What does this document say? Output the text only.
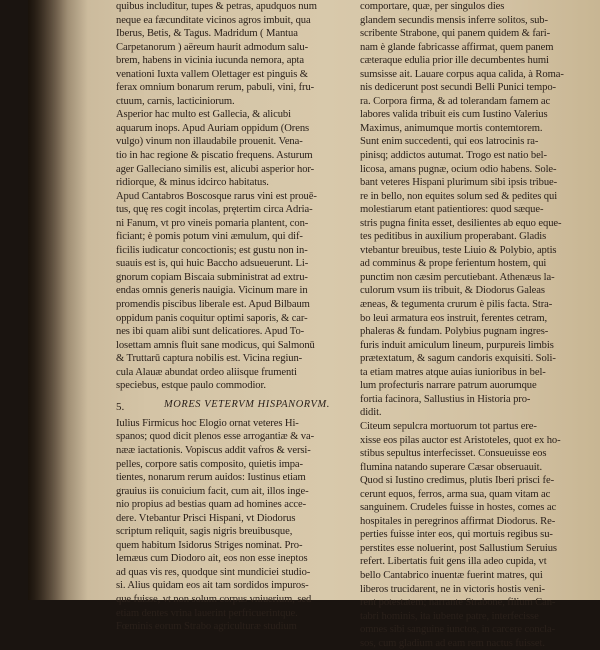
quibus includitur, tupes & petras, apudquos num
neque ea fæcunditate vicinos agros imbuit, qua
Iberus, Betis, & Tagus. Madridum ( Mantua
Carpetanorum ) aëreum haurit admodum salu-
brem, habens in vicinia iucunda nemora, apta
venationi Iuxta vallem Olettager est pinguis &
ferax omnium bonarum rerum, pabuli, vini, fru-
ctuum, carnis, lacticiniorum.
Asperior hac multo est Gallecia, & alicubi
aquarum inops. Apud Auriam oppidum (Orens
vulgo) vinum non illaudabile prouenit. Vena-
tio in hac regione & piscatio frequens. Asturum
ager Galleciano similis est, alicubi asperior hor-
ridiorque, & minus idcirco habitatus.
Apud Cantabros Boscosque rarus vini est prouē-
tus, quę res cogit incolas, prętertim circa Adria-
ni Fanum, vt pro vineis pomaria plantent, con-
ficiant; è pomis potum vini æmulum, qui dif-
ficilis iudicatur concoctionis; est gustu non in-
suauis est is, qui huic Baccho adsueuerunt. Li-
gnorum copiam Biscaia subministrat ad extru-
endas omnis generis nauigia. Vicinum mare in
promendis piscibus liberale est. Apud Bilbaum
oppidum panis coquitur optimi saporis, & car-
nes ibi quam alibi sunt delicatiores. Apud To-
losettam amnis fluit sane modicus, qui Salmonū
& Truttarū captura nobilis est. Vicina regiun-
cula Alauæ abundat ordeo aliisque frumenti
speciebus, estque paulo commodior.
MORES VETERVM HISPANORVM.
Iulius Firmicus hoc Elogio ornat veteres Hi-
spanos; quod dicit plenos esse arrogantiæ & va-
nææ iactationis. Vopiscus addit vafros & versi-
pelles, corpore satis composito, quietis impa-
tientes, nonarum rerum auidos: Iustinus etiam
grauius iis conuicium facit, cum ait, illos inge-
nio propius ad bestias quam ad homines acce-
dere. Vtebantur Prisci Hispani, vt Diodorus
scriptum reliquit, sagis nigris breuibusque,
quem habitum Isidorus Striges nominat. Pro-
lemæus cum Diodoro ait, eos non esse ineptos
ad quas vis res, quodque sint mundiciei studio-
si. Alius quidam eos ait tam sordidos impuros-
que fuisse, vt non solum corpus vniuerium, sed
etiam dentes vrina lauerint perfricuerintque.
Fœminis eorum Strabo agriculturæ studium
comportare, quæ, per singulos dies
glandem secundis mensis inferre solitos, sub-
scribente Strabone, qui panem quidem & fari-
nam è glande fabricasse affirmat, quem panem
cæteraque edulia prior ille decumbentes humi
sumsisse ait. Lauare corpus aqua calida, à Roma-
nis dedicerunt post secundi Belli Punici tempo-
ra. Corpora firma, & ad tolerandam famem ac
labores valida tribuit eis cum Iustino Valerius
Maximus, animumque mortis contemtorem.
Sunt enim succedenti, qui eos latrocinis ra-
pinisq; addictos autumat. Trogo est natio bel-
licosa, amans pugnæ, ocium odio habens. Sole-
bant veteres Hispani plurimum sibi ipsis tribue-
re in bello, non equites solum sed & pedites qui
molestiarum etant patientiores: quod sæque-
stris pugna finita esset, desilientes ab equo eque-
tes peditibus in auxilium properabant. Gladis
vtebantur breuibus, teste Liuio & Polybio, aptis
ad comminus & prope ferientum hostem, qui
punctim non cæsim percutiebant. Athenæus la-
culorum vsum iis tribuit, & Diodorus Galeas
æneas, & tegumenta crurum è pilis facta. Stra-
bo leui armatura eos instruit, ferentes cetram,
phaleras & fundam. Polybius pugnam ingres-
furis induit amiculum lineum, purpureis limbis
prætextatum, & sagum candoris exquisiti. Soli-
ta etiam matres atque auias iunioribus in bel-
lum profecturis narrare patrum auorumque
fortia facinora, Sallustius in Historia pro-
didit.
Citeum sepulcra mortuorum tot partus ere-
xisse eos pilas auctor est Aristoteles, quot ex ho-
stibus sepultus interfecisset. Consueuisse eos
flumina natando superare Cæsar obseruauit.
Quod si Iustino credimus, plutis Iberi prisci fe-
cerunt equos, ferros, arma sua, quam vitam ac
sanguinem. Crudeles fuisse in hostes, comes ac
hospitales in peregrinos affirmat Diodorus. Re-
perties fuisse inter eos, qui mortuis regibus su-
perstites esse noluerint, post Sallustium Seruius
refert. Libertatis fuit gens illa adeo cupida, vt
bello Cantabrico inuentæ fuerint matres, qui
liberos trucidarent, ne in victoris hostis veni-
rent potestatem; narrante Strabone, filium Can-
tabri hominis, ita iubente patre, interfecisse
omnes sibi sanguine iunctos, in carcere concla-
sos, cum gladium ad eam rem nactus fuisset.
5.
